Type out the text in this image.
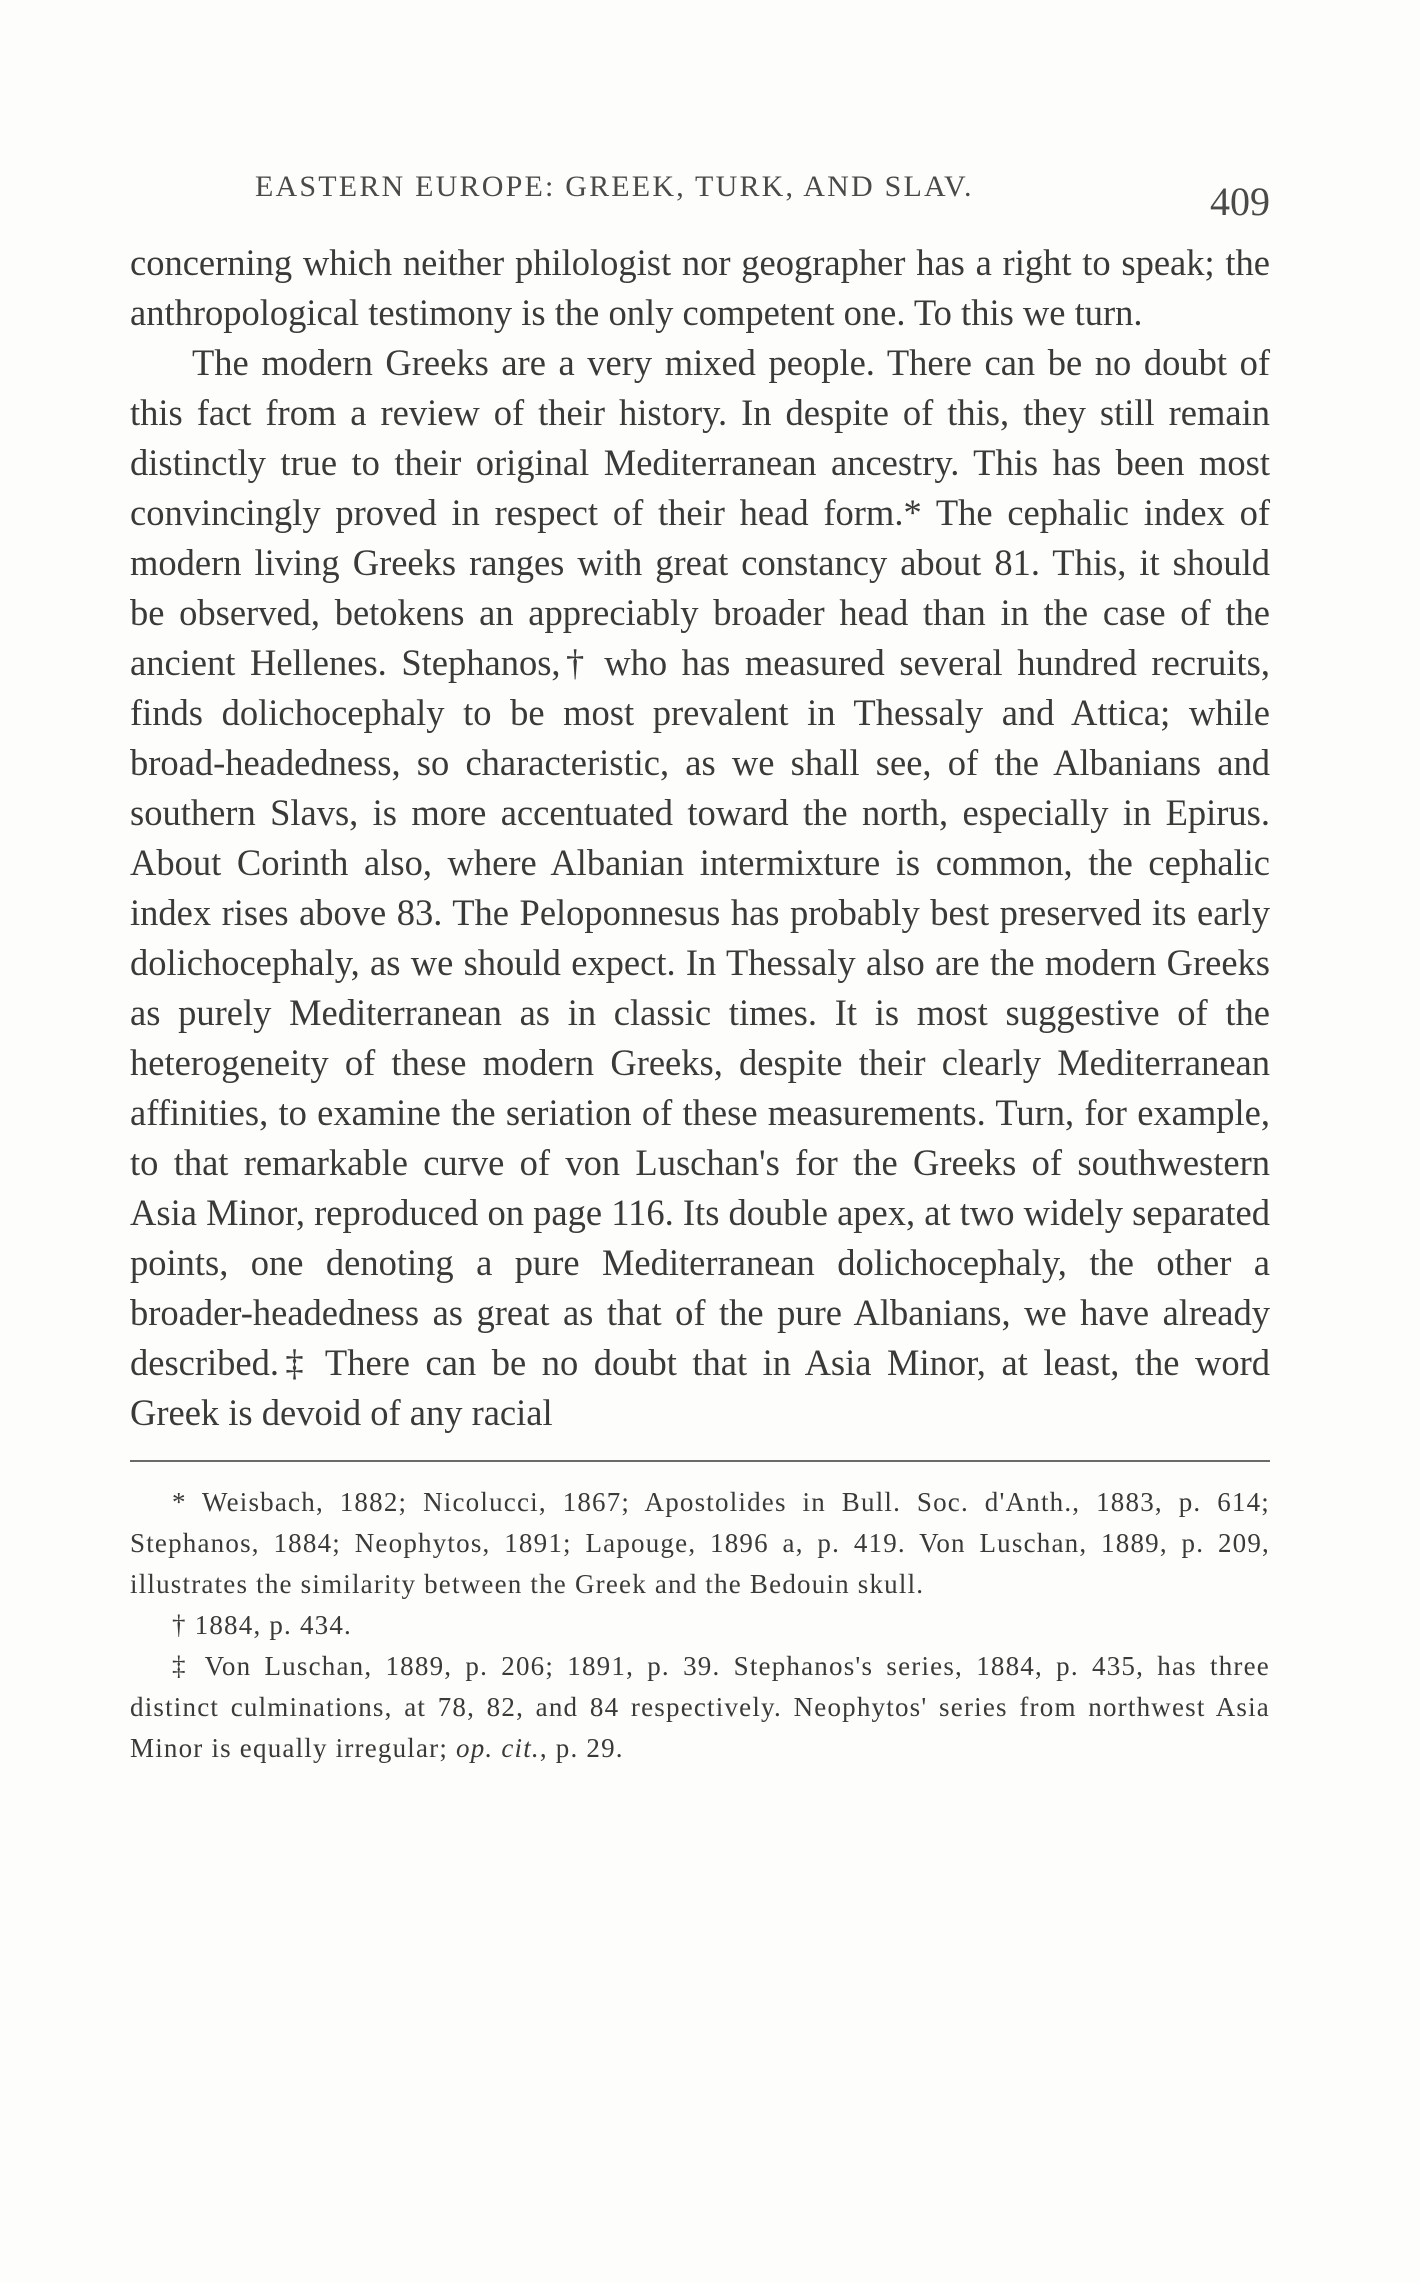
EASTERN EUROPE: GREEK, TURK, AND SLAV.	409

concerning which neither philologist nor geographer has a right to speak; the anthropological testimony is the only competent one. To this we turn.

The modern Greeks are a very mixed people. There can be no doubt of this fact from a review of their history. In despite of this, they still remain distinctly true to their original Mediterranean ancestry. This has been most convincingly proved in respect of their head form.* The cephalic index of modern living Greeks ranges with great constancy about 81. This, it should be observed, betokens an appreciably broader head than in the case of the ancient Hellenes. Stephanos,† who has measured several hundred recruits, finds dolichocephaly to be most prevalent in Thessaly and Attica; while broad-headedness, so characteristic, as we shall see, of the Albanians and southern Slavs, is more accentuated toward the north, especially in Epirus. About Corinth also, where Albanian intermixture is common, the cephalic index rises above 83. The Peloponnesus has probably best preserved its early dolichocephaly, as we should expect. In Thessaly also are the modern Greeks as purely Mediterranean as in classic times. It is most suggestive of the heterogeneity of these modern Greeks, despite their clearly Mediterranean affinities, to examine the seriation of these measurements. Turn, for example, to that remarkable curve of von Luschan's for the Greeks of southwestern Asia Minor, reproduced on page 116. Its double apex, at two widely separated points, one denoting a pure Mediterranean dolichocephaly, the other a broader-headedness as great as that of the pure Albanians, we have already described.‡ There can be no doubt that in Asia Minor, at least, the word Greek is devoid of any racial

* Weisbach, 1882; Nicolucci, 1867; Apostolides in Bull. Soc. d'Anth., 1883, p. 614; Stephanos, 1884; Neophytos, 1891; Lapouge, 1896 a, p. 419. Von Luschan, 1889, p. 209, illustrates the similarity between the Greek and the Bedouin skull.

† 1884, p. 434.

‡ Von Luschan, 1889, p. 206; 1891, p. 39. Stephanos's series, 1884, p. 435, has three distinct culminations, at 78, 82, and 84 respectively. Neophytos' series from northwest Asia Minor is equally irregular; op. cit., p. 29.
